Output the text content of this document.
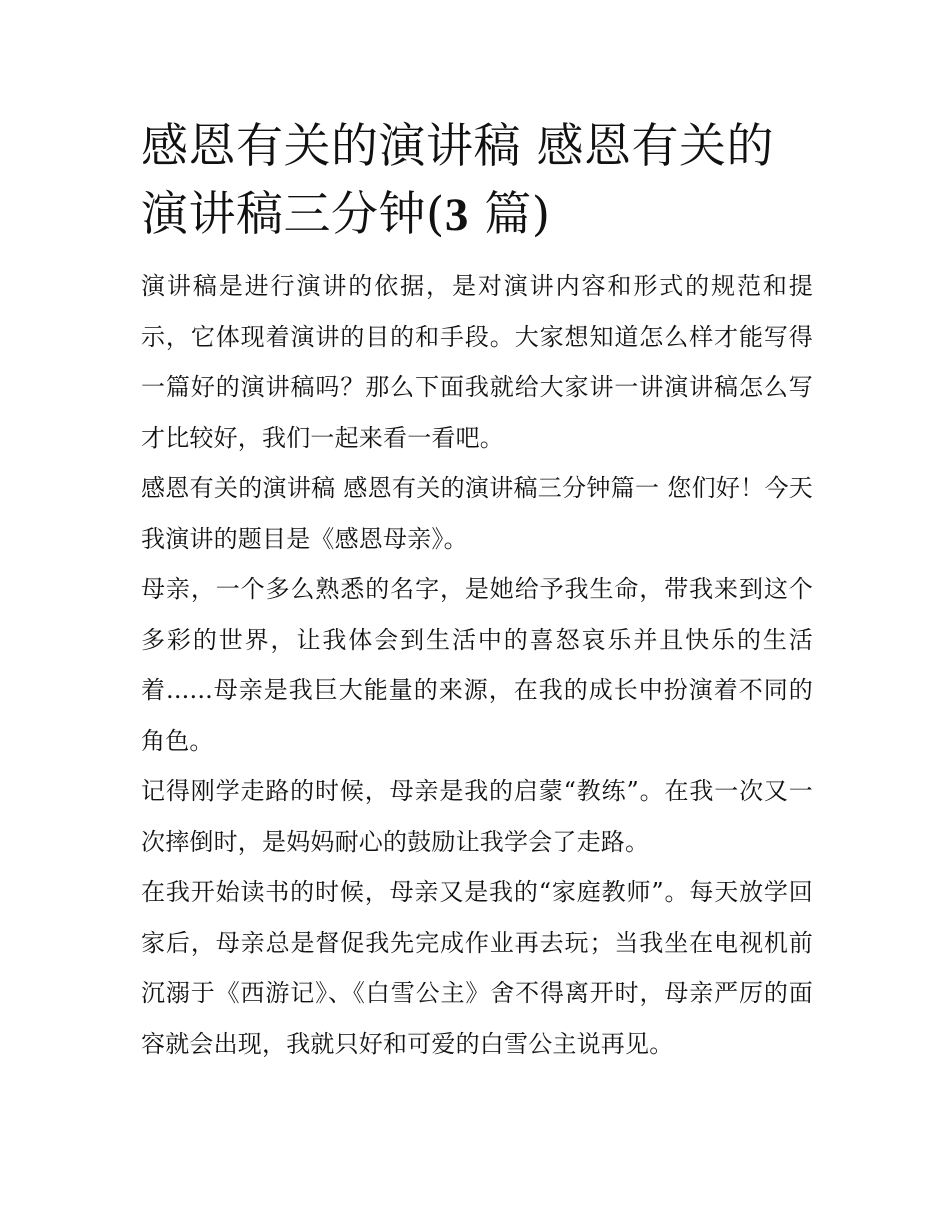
感恩有关的演讲稿 感恩有关的演讲稿三分钟(3 篇)

演讲稿是进行演讲的依据，是对演讲内容和形式的规范和提示，它体现着演讲的目的和手段。大家想知道怎么样才能写得一篇好的演讲稿吗？那么下面我就给大家讲一讲演讲稿怎么写才比较好，我们一起来看一看吧。

感恩有关的演讲稿 感恩有关的演讲稿三分钟篇一 您们好！今天我演讲的题目是《感恩母亲》。

母亲，一个多么熟悉的名字，是她给予我生命，带我来到这个多彩的世界，让我体会到生活中的喜怒哀乐并且快乐的生活着......母亲是我巨大能量的来源，在我的成长中扮演着不同的角色。

记得刚学走路的时候，母亲是我的启蒙“教练”。在我一次又一次摔倒时，是妈妈耐心的鼓励让我学会了走路。

在我开始读书的时候，母亲又是我的“家庭教师”。每天放学回家后，母亲总是督促我先完成作业再去玩；当我坐在电视机前沉溺于《西游记》、《白雪公主》舍不得离开时，母亲严厉的面容就会出现，我就只好和可爱的白雪公主说再见。
